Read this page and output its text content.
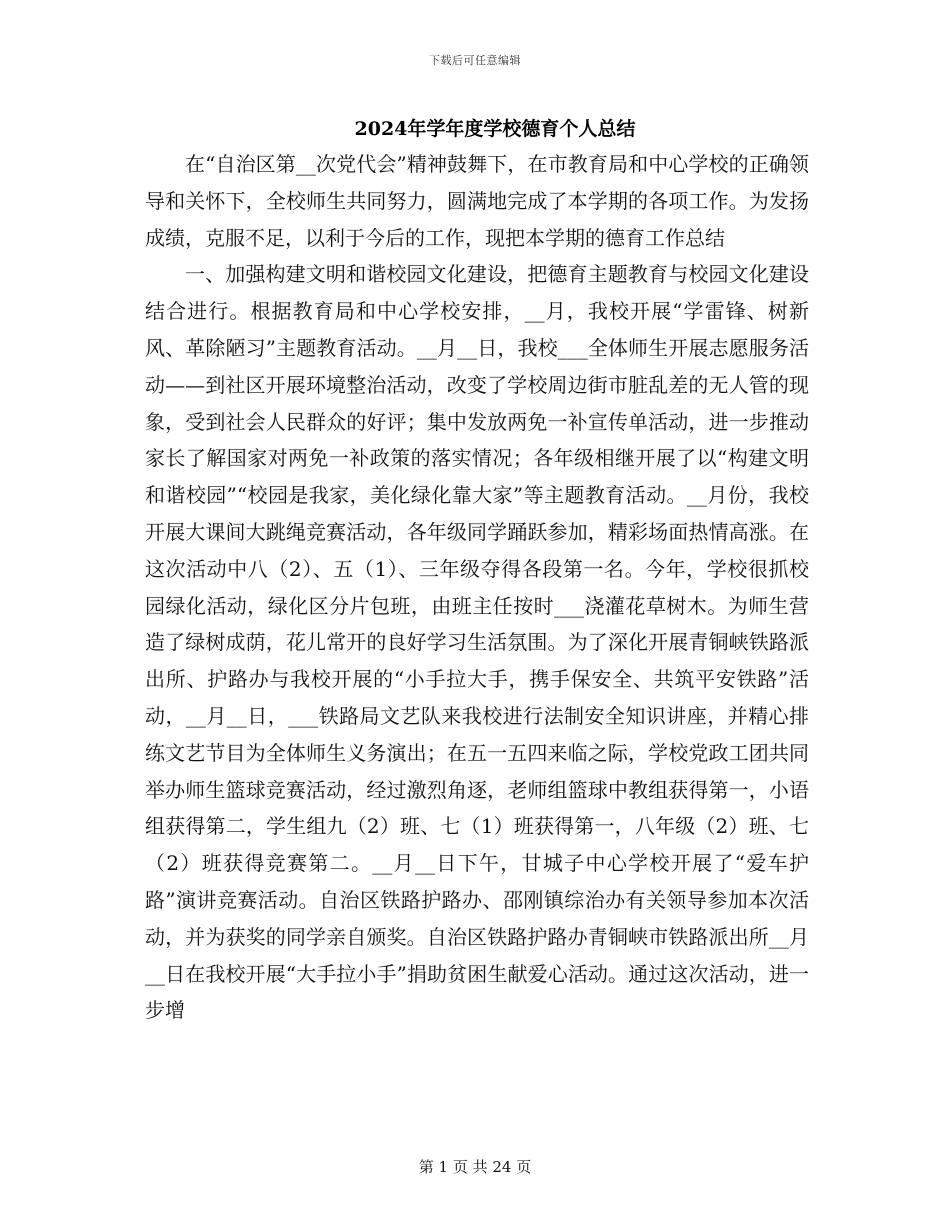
下载后可任意编辑
2024年学年度学校德育个人总结

在“自治区第__次党代会”精神鼓舞下，在市教育局和中心学校的正确领导和关怀下，全校师生共同努力，圆满地完成了本学期的各项工作。为发扬成绩，克服不足，以利于今后的工作，现把本学期的德育工作总结

一、加强构建文明和谐校园文化建设，把德育主题教育与校园文化建设结合进行。根据教育局和中心学校安排，__月，我校开展“学雷锋、树新风、革除陋习”主题教育活动。__月__日，我校___全体师生开展志愿服务活动——到社区开展环境整治活动，改变了学校周边街市脏乱差的无人管的现象，受到社会人民群众的好评；集中发放两免一补宣传单活动，进一步推动家长了解国家对两免一补政策的落实情况；各年级相继开展了以“构建文明和谐校园”“校园是我家，美化绿化靠大家”等主题教育活动。__月份，我校开展大课间大跳绳竞赛活动，各年级同学踊跃参加，精彩场面热情高涨。在这次活动中八（2）、五（1）、三年级夺得各段第一名。今年，学校很抓校园绿化活动，绿化区分片包班，由班主任按时___浇灌花草树木。为师生营造了绿树成荫，花儿常开的良好学习生活氛围。为了深化开展青铜峡铁路派出所、护路办与我校开展的“小手拉大手，携手保安全、共筑平安铁路”活动，__月__日，___铁路局文艺队来我校进行法制安全知识讲座，并精心排练文艺节目为全体师生义务演出；在五一五四来临之际，学校党政工团共同举办师生篮球竞赛活动，经过激烈角逐，老师组篮球中教组获得第一，小语组获得第二，学生组九（2）班、七（1）班获得第一，八年级（2）班、七（2）班获得竞赛第二。__月__日下午，甘城子中心学校开展了“爱车护路”演讲竞赛活动。自治区铁路护路办、邵刚镇综治办有关领导参加本次活动，并为获奖的同学亲自颁奖。自治区铁路护路办青铜峡市铁路派出所__月__日在我校开展“大手拉小手”捐助贫困生献爱心活动。通过这次活动，进一步增

第 1 页 共 24 页
